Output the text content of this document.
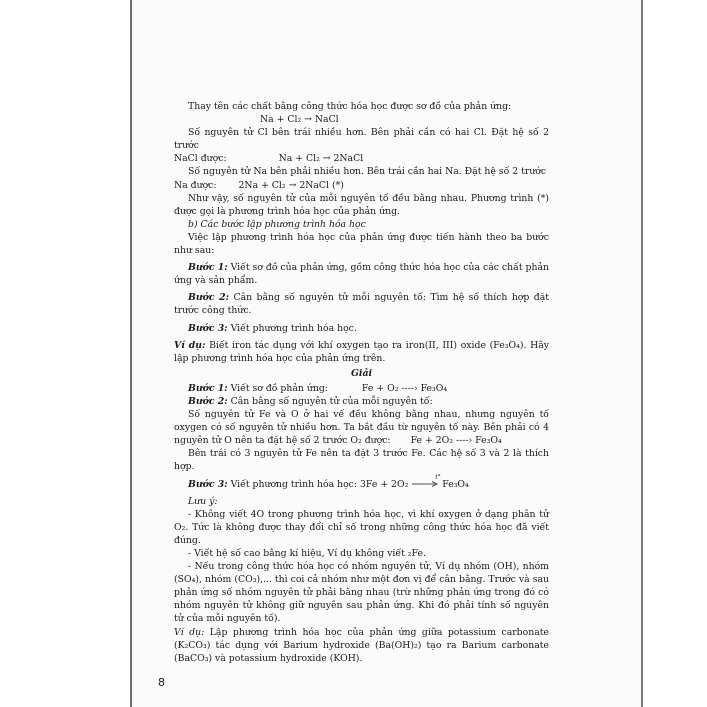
Thay tên các chất bằng công thức hóa học được sơ đồ của phản ứng:

Na + Cl₂ → NaCl

Số nguyên tử Cl bên trái nhiều hơn. Bên phải cần có hai Cl. Đặt hệ số 2 trước

NaCl được:	Na + Cl₂ → 2NaCl

Số nguyên tử Na bên phải nhiều hơn. Bên trái cần hai Na. Đặt hệ số 2 trước

Na được: 2Na + Cl₂ → 2NaCl (*)

Như vậy, số nguyên tử của mỗi nguyên tố đều bằng nhau. Phương trình (*) được gọi là phương trình hóa học của phản ứng.

b) Các bước lập phương trình hóa học

Việc lập phương trình hóa học của phản ứng được tiến hành theo ba bước như sau:

Bước 1: Viết sơ đồ của phản ứng, gồm công thức hóa học của các chất phản ứng và sản phẩm.

Bước 2: Cân bằng số nguyên tử mỗi nguyên tố: Tìm hệ số thích hợp đặt trước công thức.

Bước 3: Viết phương trình hóa học.

Ví dụ: Biết iron tác dụng với khí oxygen tạo ra iron(II, III) oxide (Fe₃O₄). Hãy lập phương trình hóa học của phản ứng trên.

Giải

Bước 1: Viết sơ đồ phản ứng:	Fe + O₂ ----› Fe₃O₄

Bước 2: Cân bằng số nguyên tử của mỗi nguyên tố:

Số nguyên tử Fe và O ở hai vế đều không bằng nhau, nhưng nguyên tố oxygen có số nguyên tử nhiều hơn. Ta bắt đầu từ nguyên tố này. Bên phải có 4 nguyên tử O nên ta đặt hệ số 2 trước O₂ được: Fe + 2O₂ ----› Fe₃O₄

Bên trái có 3 nguyên tử Fe nên ta đặt 3 trước Fe. Các hệ số 3 và 2 là thích hợp.

Bước 3: Viết phương trình hóa học: 3Fe + 2O₂
t°
Fe₃O₄

Lưu ý:

- Không viết 4O trong phương trình hóa học, vì khí oxygen ở dạng phân tử O₂. Tức là không được thay đổi chỉ số trong những công thức hóa học đã viết đúng.

- Viết hệ số cao bằng kí hiệu, Ví dụ không viết ₂Fe.

- Nếu trong công thức hóa học có nhóm nguyên tử, Ví dụ nhóm (OH), nhóm (SO₄), nhóm (CO₃),... thì coi cả nhóm như một đơn vị để cân bằng. Trước và sau phản ứng số nhóm nguyên tử phải bằng nhau (trừ những phản ứng trong đó có nhóm nguyên tử không giữ nguyên sau phản ứng. Khi đó phải tính số nguyên tử của mỗi nguyên tố).

Ví dụ: Lập phương trình hóa học của phản ứng giữa potassium carbonate (K₂CO₃) tác dụng với Barium hydroxide (Ba(OH)₂) tạo ra Barium carbonate (BaCO₃) và potassium hydroxide (KOH).

8
